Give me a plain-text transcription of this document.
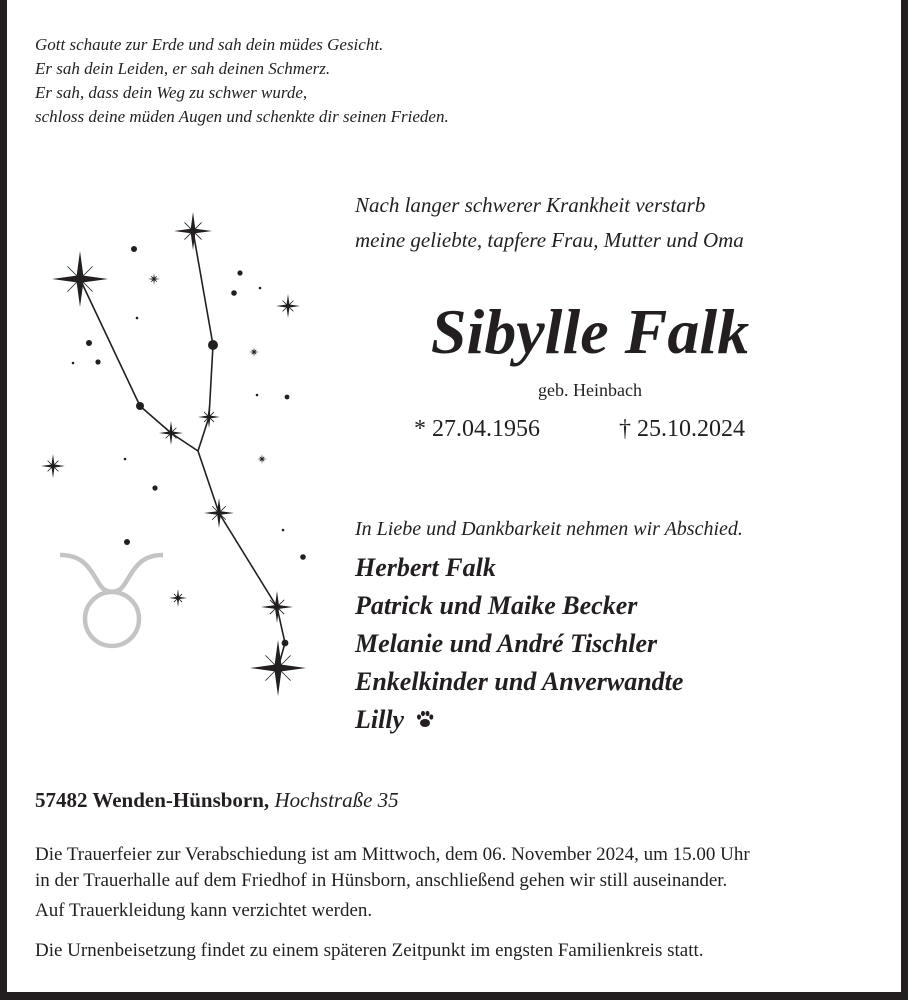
Gott schaute zur Erde und sah dein müdes Gesicht.
Er sah dein Leiden, er sah deinen Schmerz.
Er sah, dass dein Weg zu schwer wurde,
schloss deine müden Augen und schenkte dir seinen Frieden.
Nach langer schwerer Krankheit verstarb
meine geliebte, tapfere Frau, Mutter und Oma
Sibylle Falk
geb. Heinbach
* 27.04.1956	† 25.10.2024
In Liebe und Dankbarkeit nehmen wir Abschied.
Herbert Falk
Patrick und Maike Becker
Melanie und André Tischler
Enkelkinder und Anverwandte
Lilly
57482 Wenden-Hünsborn, Hochstraße 35
Die Trauerfeier zur Verabschiedung ist am Mittwoch, dem 06. November 2024, um 15.00 Uhr
in der Trauerhalle auf dem Friedhof in Hünsborn, anschließend gehen wir still auseinander.
Auf Trauerkleidung kann verzichtet werden.
Die Urnenbeisetzung findet zu einem späteren Zeitpunkt im engsten Familienkreis statt.
